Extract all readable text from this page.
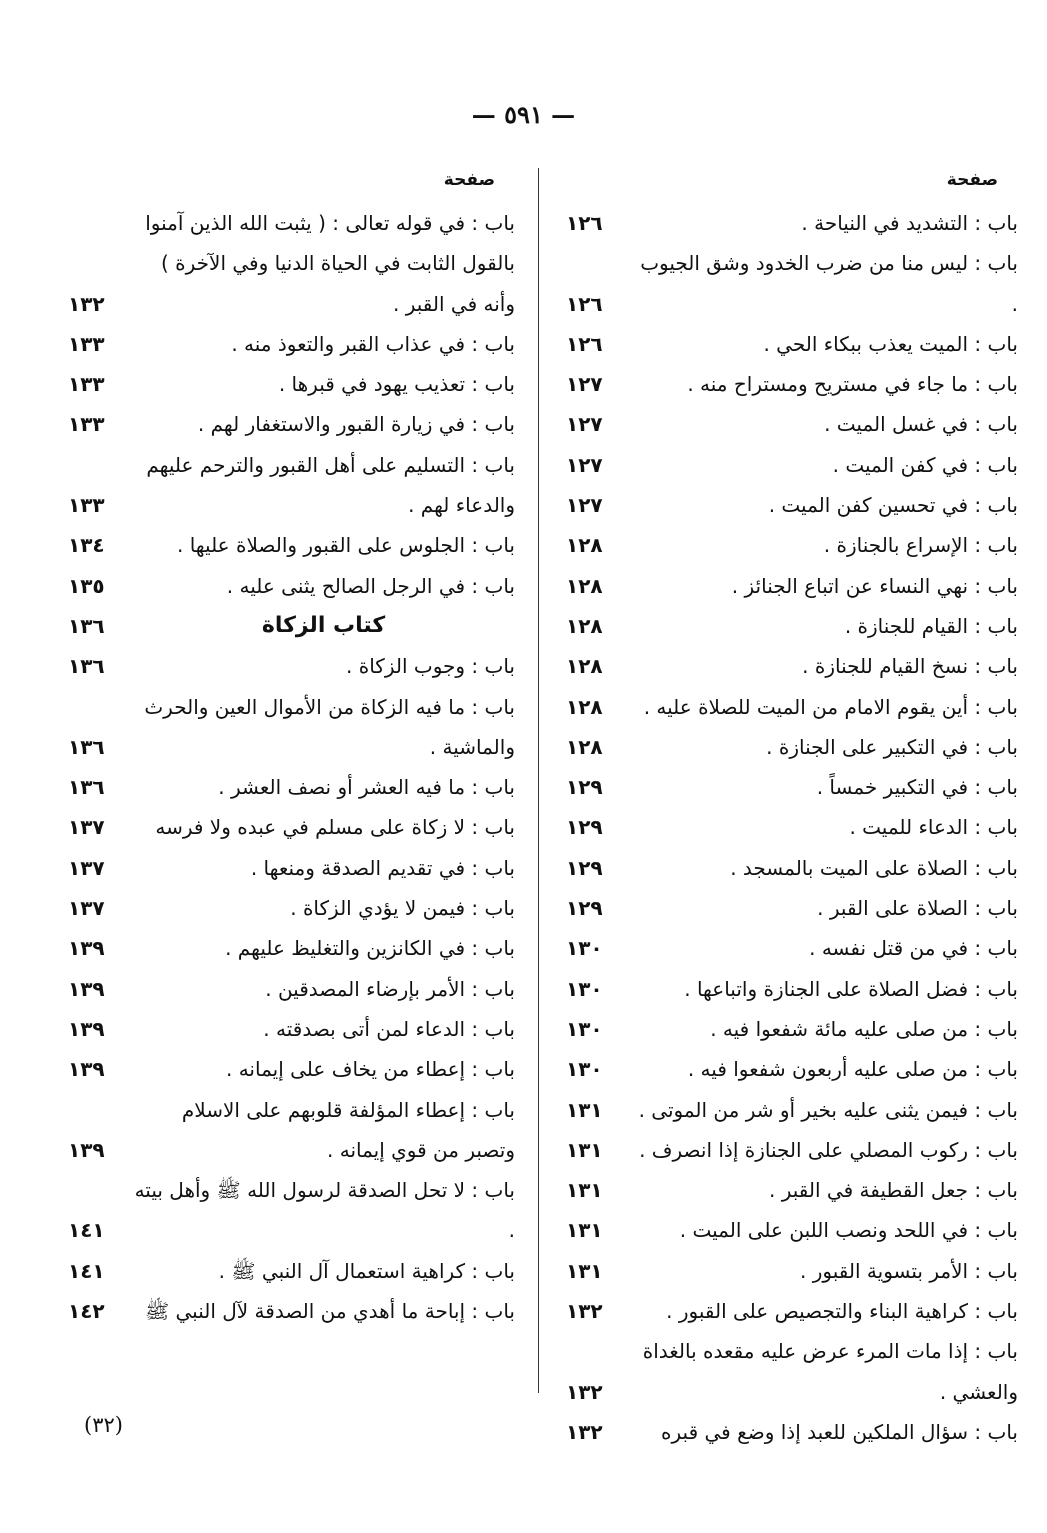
— ٥٩١ —
صفحة
باب : التشديد في النياحة .
١٢٦
باب : ليس منا من ضرب الخدود وشق الجيوب .
١٢٦
باب : الميت يعذب ببكاء الحي .
١٢٦
باب : ما جاء في مستريح ومستراح منه .
١٢٧
باب : في غسل الميت .
١٢٧
باب : في كفن الميت .
١٢٧
باب : في تحسين كفن الميت .
١٢٧
باب : الإسراع بالجنازة .
١٢٨
باب : نهي النساء عن اتباع الجنائز .
١٢٨
باب : القيام للجنازة .
١٢٨
باب : نسخ القيام للجنازة .
١٢٨
باب : أين يقوم الامام من الميت للصلاة عليه .
١٢٨
باب : في التكبير على الجنازة .
١٢٨
باب : في التكبير خمساً .
١٢٩
باب : الدعاء للميت .
١٢٩
باب : الصلاة على الميت بالمسجد .
١٢٩
باب : الصلاة على القبر .
١٢٩
باب : في من قتل نفسه .
١٣٠
باب : فضل الصلاة على الجنازة واتباعها .
١٣٠
باب : من صلى عليه مائة شفعوا فيه .
١٣٠
باب : من صلى عليه أربعون شفعوا فيه .
١٣٠
باب : فيمن يثنى عليه بخير أو شر من الموتى .
١٣١
باب : ركوب المصلي على الجنازة إذا انصرف .
١٣١
باب : جعل القطيفة في القبر .
١٣١
باب : في اللحد ونصب اللبن على الميت .
١٣١
باب : الأمر بتسوية القبور .
١٣١
باب : كراهية البناء والتجصيص على القبور .
١٣٢
باب : إذا مات المرء عرض عليه مقعده بالغداة والعشي .
١٣٢
باب : سؤال الملكين للعبد إذا وضع في قبره
١٣٢
صفحة
باب : في قوله تعالى : ( يثبت الله الذين آمنوا بالقول الثابت في الحياة الدنيا وفي الآخرة ) وأنه في القبر .
١٣٢
باب : في عذاب القبر والتعوذ منه .
١٣٣
باب : تعذيب يهود في قبرها .
١٣٣
باب : في زيارة القبور والاستغفار لهم .
١٣٣
باب : التسليم على أهل القبور والترحم عليهم والدعاء لهم .
١٣٣
باب : الجلوس على القبور والصلاة عليها .
١٣٤
باب : في الرجل الصالح يثنى عليه .
١٣٥
كتاب الزكاة
١٣٦
باب : وجوب الزكاة .
١٣٦
باب : ما فيه الزكاة من الأموال العين والحرث والماشية .
١٣٦
باب : ما فيه العشر أو نصف العشر .
١٣٦
باب : لا زكاة على مسلم في عبده ولا فرسه
١٣٧
باب : في تقديم الصدقة ومنعها .
١٣٧
باب : فيمن لا يؤدي الزكاة .
١٣٧
باب : في الكانزين والتغليظ عليهم .
١٣٩
باب : الأمر بإرضاء المصدقين .
١٣٩
باب : الدعاء لمن أتى بصدقته .
١٣٩
باب : إعطاء من يخاف على إيمانه .
١٣٩
باب : إعطاء المؤلفة قلوبهم على الاسلام وتصبر من قوي إيمانه .
١٣٩
باب : لا تحل الصدقة لرسول الله ﷺ وأهل بيته .
١٤١
باب : كراهية استعمال آل النبي ﷺ .
١٤١
باب : إباحة ما أهدي من الصدقة لآل النبي ﷺ
١٤٢
(٣٢)
